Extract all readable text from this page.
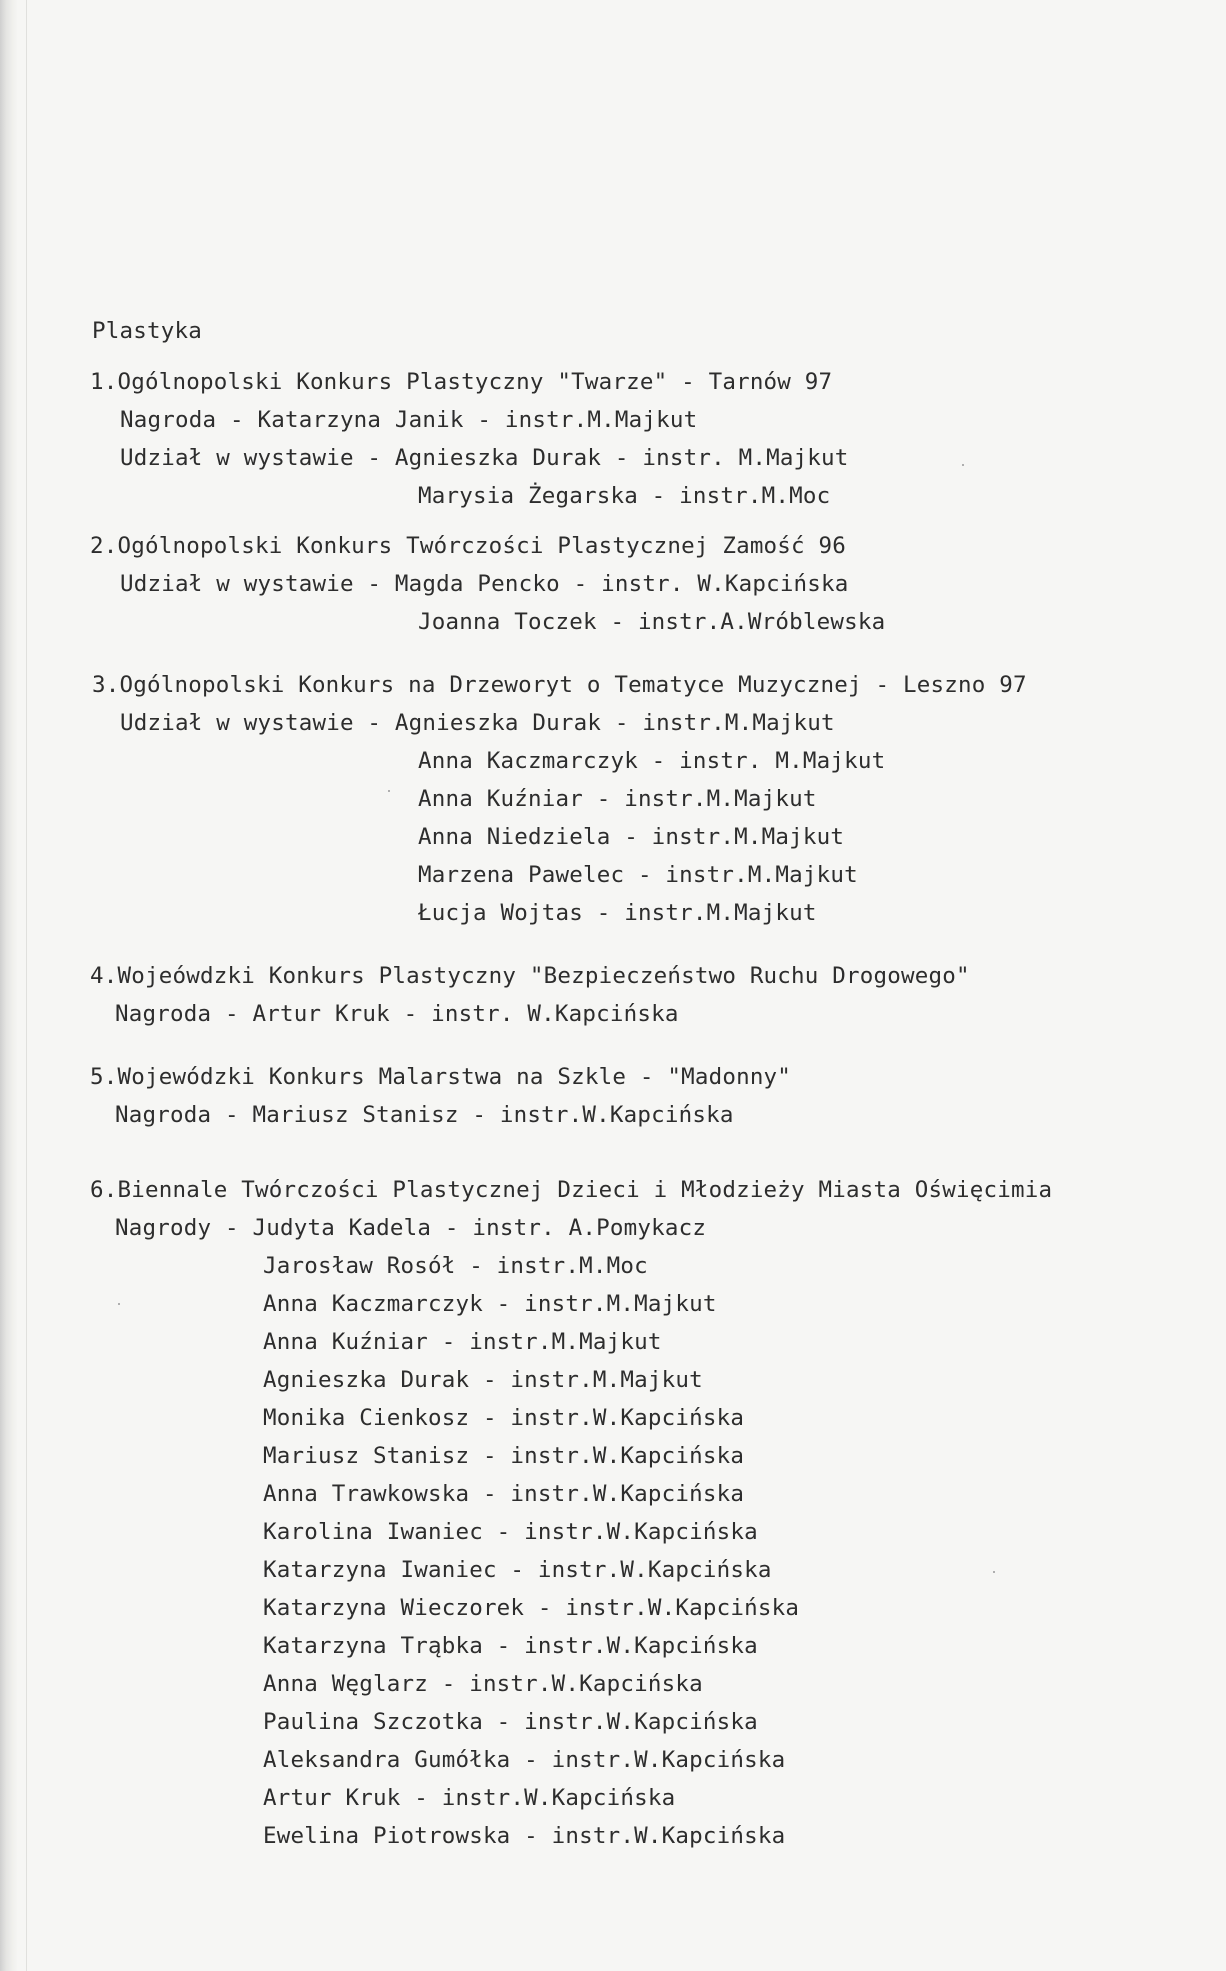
Plastyka
1.Ogólnopolski Konkurs Plastyczny "Twarze" - Tarnów 97
Nagroda - Katarzyna Janik - instr.M.Majkut
Udział w wystawie - Agnieszka Durak - instr. M.Majkut
Marysia Żegarska - instr.M.Moc
2.Ogólnopolski Konkurs Twórczości Plastycznej Zamość 96
Udział w wystawie - Magda Pencko - instr. W.Kapcińska
Joanna Toczek - instr.A.Wróblewska
3.Ogólnopolski Konkurs na Drzeworyt o Tematyce Muzycznej - Leszno 97
Udział w wystawie - Agnieszka Durak - instr.M.Majkut
Anna Kaczmarczyk - instr. M.Majkut
Anna Kuźniar - instr.M.Majkut
Anna Niedziela - instr.M.Majkut
Marzena Pawelec - instr.M.Majkut
Łucja Wojtas - instr.M.Majkut
4.Wojeówdzki Konkurs Plastyczny "Bezpieczeństwo Ruchu Drogowego"
Nagroda - Artur Kruk - instr. W.Kapcińska
5.Wojewódzki Konkurs Malarstwa na Szkle - "Madonny"
Nagroda - Mariusz Stanisz - instr.W.Kapcińska
6.Biennale Twórczości Plastycznej Dzieci i Młodzieży Miasta Oświęcimia
Nagrody - Judyta Kadela - instr. A.Pomykacz
Jarosław Rosół - instr.M.Moc
Anna Kaczmarczyk - instr.M.Majkut
Anna Kuźniar - instr.M.Majkut
Agnieszka Durak - instr.M.Majkut
Monika Cienkosz - instr.W.Kapcińska
Mariusz Stanisz - instr.W.Kapcińska
Anna Trawkowska - instr.W.Kapcińska
Karolina Iwaniec - instr.W.Kapcińska
Katarzyna Iwaniec - instr.W.Kapcińska
Katarzyna Wieczorek - instr.W.Kapcińska
Katarzyna Trąbka - instr.W.Kapcińska
Anna Węglarz - instr.W.Kapcińska
Paulina Szczotka - instr.W.Kapcińska
Aleksandra Gumółka - instr.W.Kapcińska
Artur Kruk - instr.W.Kapcińska
Ewelina Piotrowska - instr.W.Kapcińska
